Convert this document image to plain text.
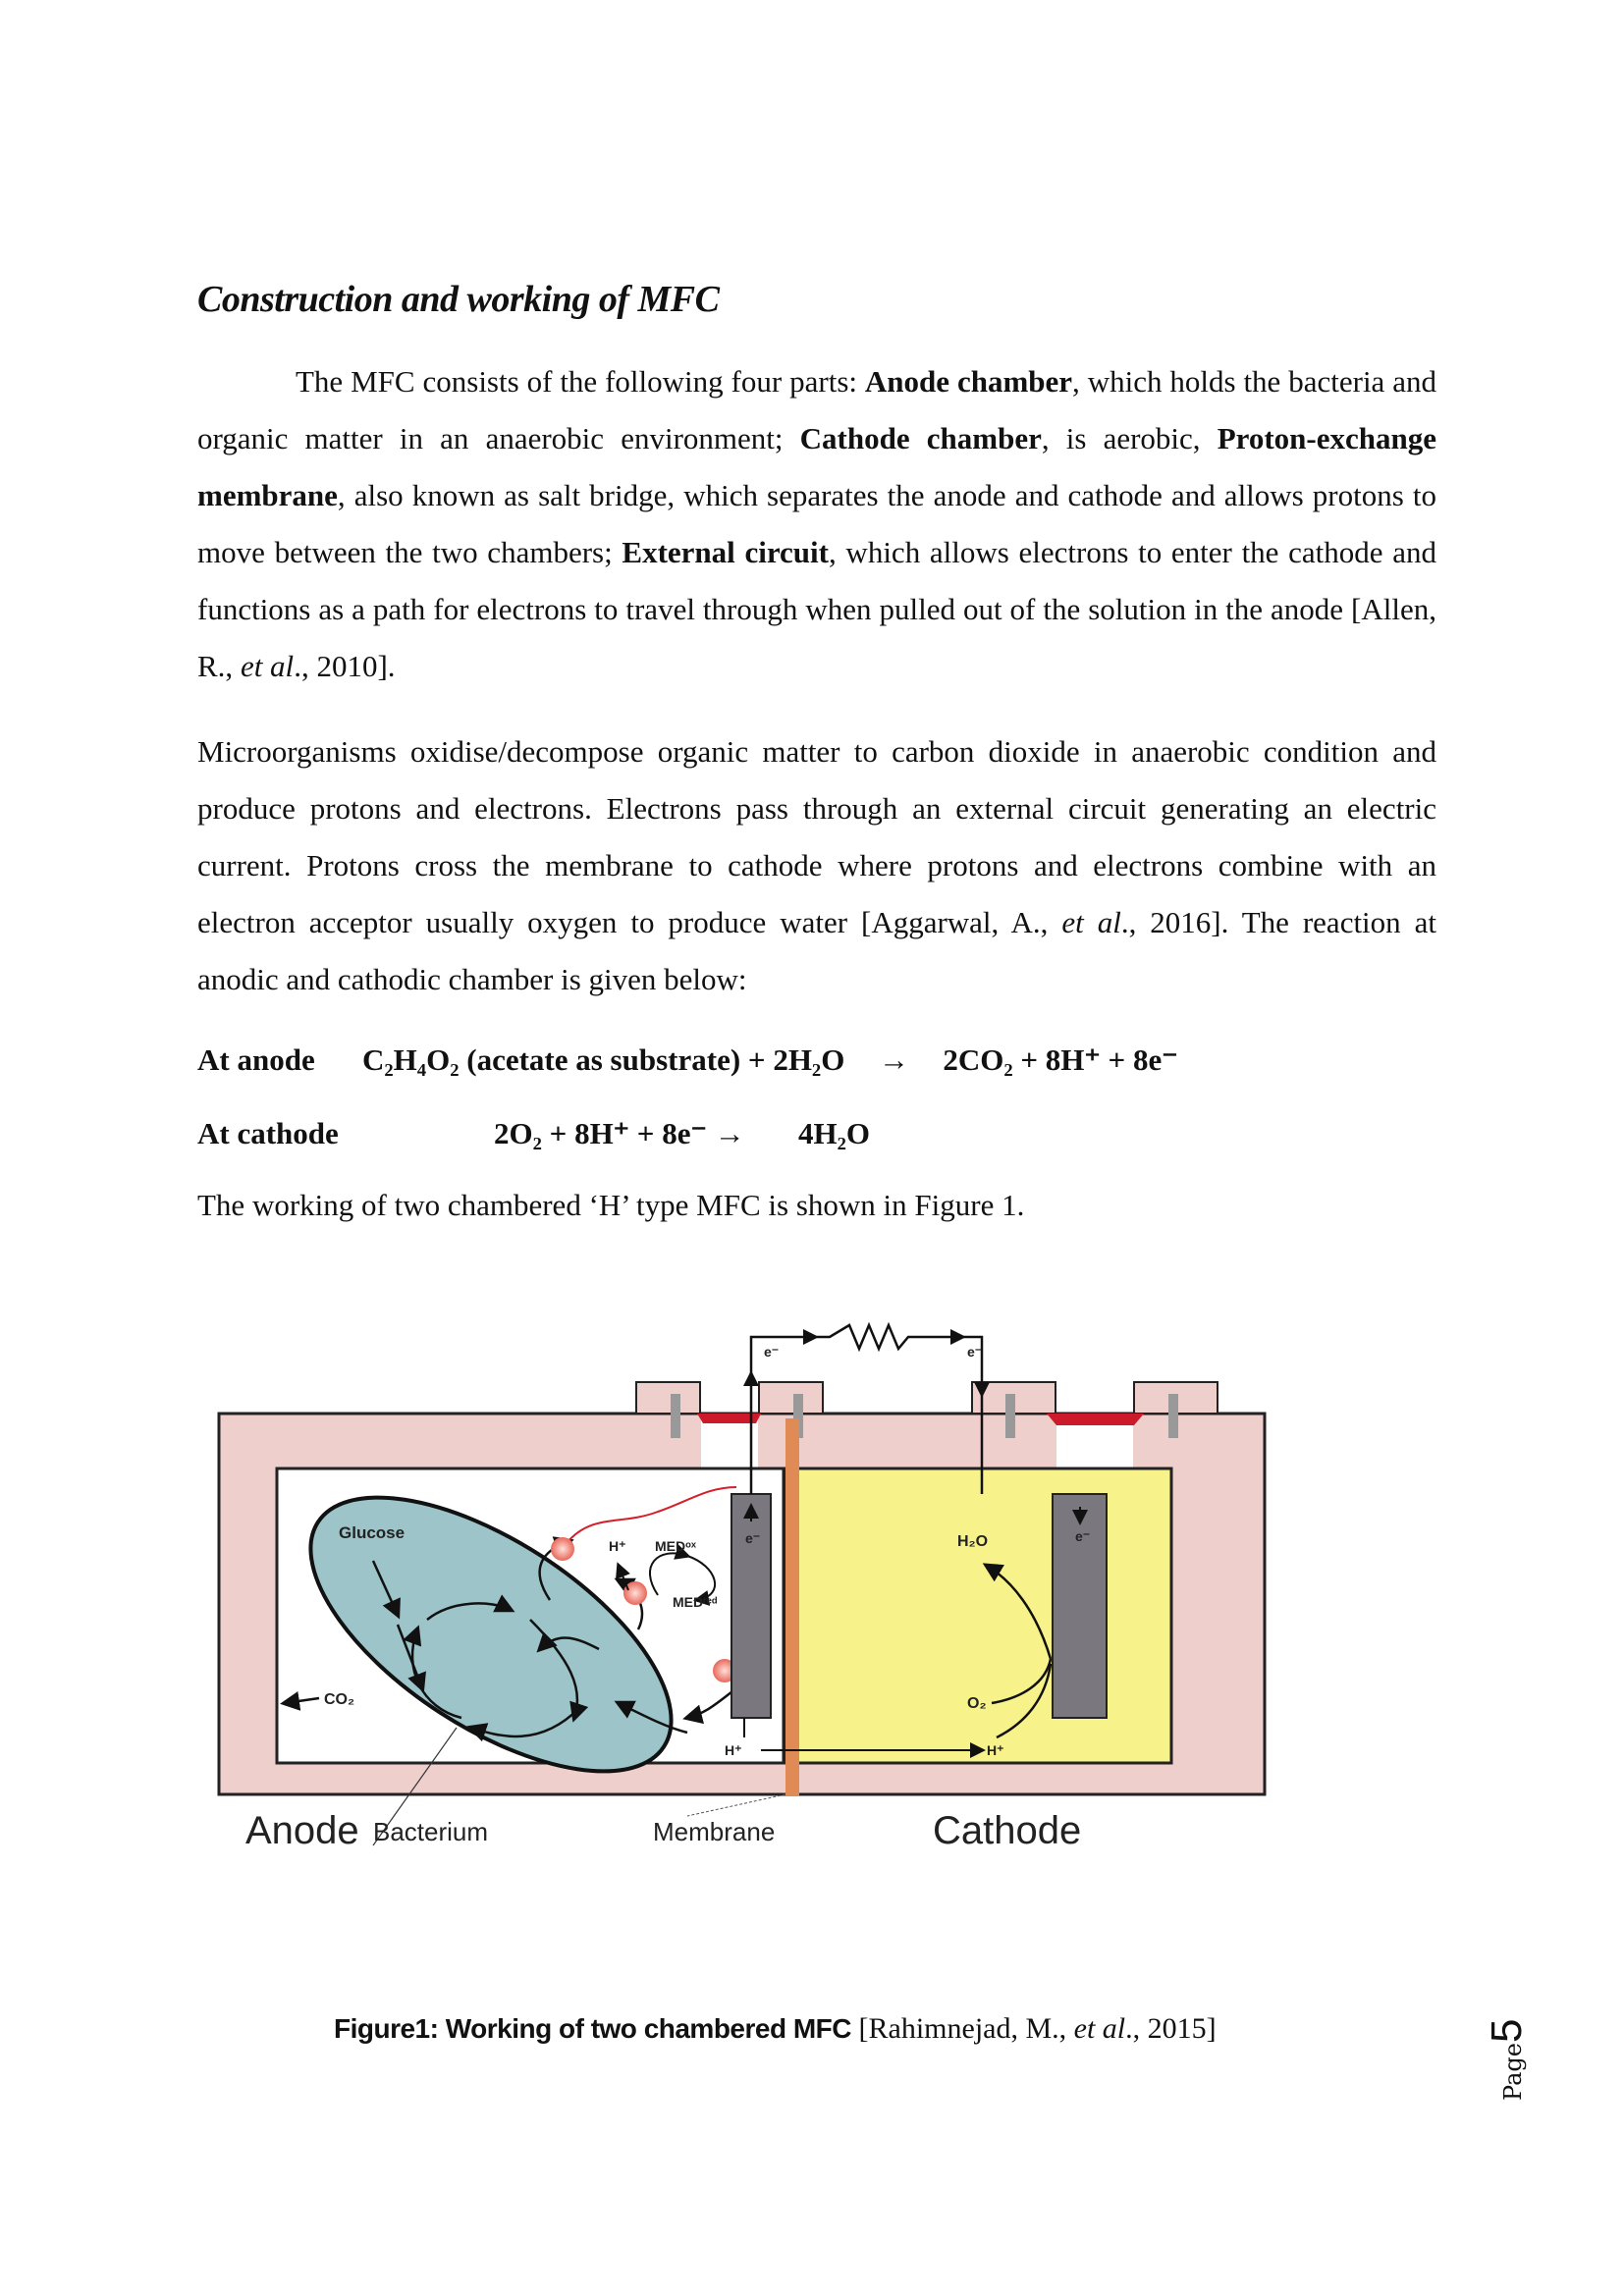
Construction and working of MFC
The MFC consists of the following four parts: Anode chamber, which holds the bacteria and organic matter in an anaerobic environment; Cathode chamber, is aerobic, Proton-exchange membrane, also known as salt bridge, which separates the anode and cathode and allows protons to move between the two chambers; External circuit, which allows electrons to enter the cathode and functions as a path for electrons to travel through when pulled out of the solution in the anode [Allen, R., et al., 2010].
Microorganisms oxidise/decompose organic matter to carbon dioxide in anaerobic condition and produce protons and electrons. Electrons pass through an external circuit generating an electric current. Protons cross the membrane to cathode where protons and electrons combine with an electron acceptor usually oxygen to produce water [Aggarwal, A., et al., 2016]. The reaction at anodic and cathodic chamber is given below:
At anode C₂H₄O₂ (acetate as substrate) + 2H₂O → 2CO₂ + 8H⁺ + 8e⁻
At cathode	2O₂ + 8H⁺ + 8e⁻ → 4H₂O
The working of two chambered ‘H’ type MFC is shown in Figure 1.
Glucose
CO₂
H⁺ MEDᵒˣ
MEDʳᵉᵈ
e⁻
e⁻
H⁺
e⁻
e⁻
H₂O
O₂
H⁺
Anode Bacterium	Membrane	Cathode
Figure1: Working of two chambered MFC [Rahimnejad, M., et al., 2015]
Page5
